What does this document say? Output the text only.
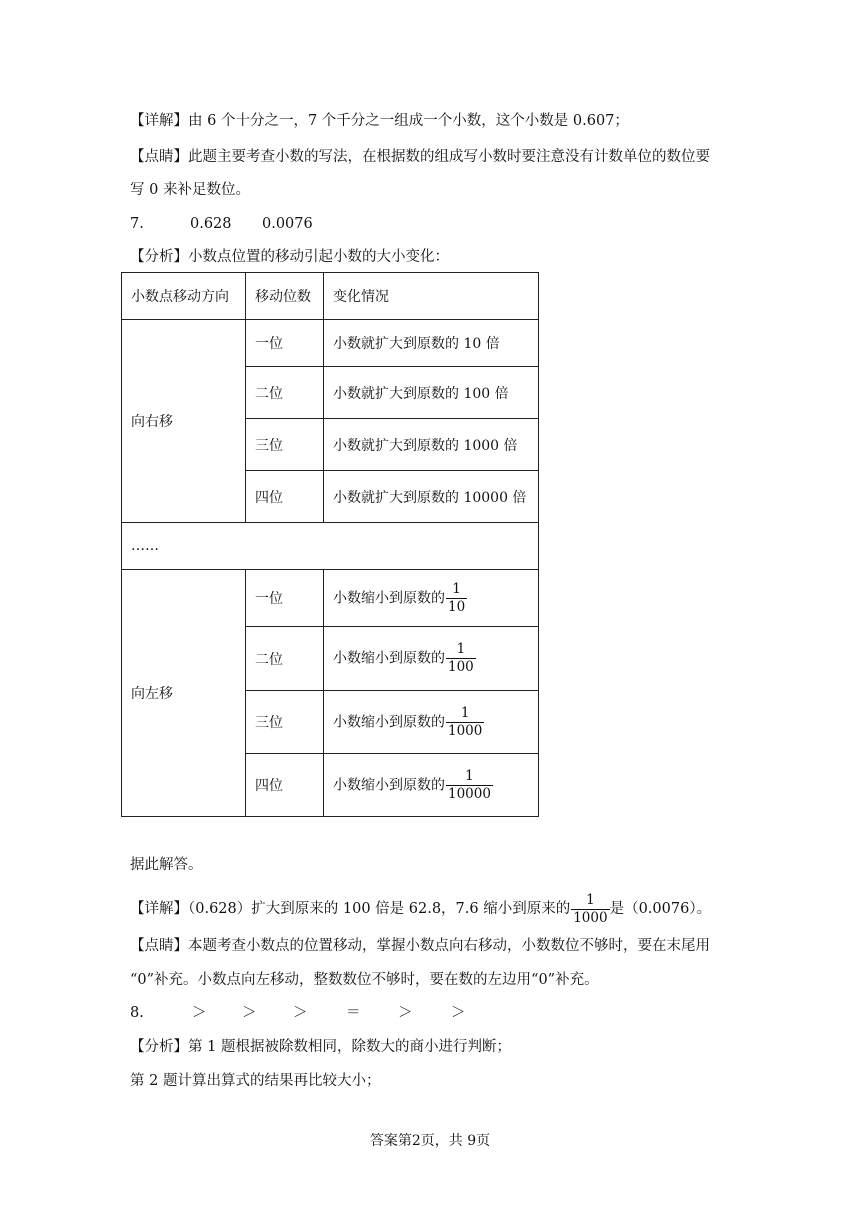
【详解】由 6 个十分之一，7 个千分之一组成一个小数，这个小数是 0.607；
【点睛】此题主要考查小数的写法，在根据数的组成写小数时要注意没有计数单位的数位要
写 0 来补足数位。
7.	0.628 0.0076
【分析】小数点位置的移动引起小数的大小变化：
小数点移动方向	移动位数	变化情况
向右移	一位	小数就扩大到原数的 10 倍
	二位	小数就扩大到原数的 100 倍
	三位	小数就扩大到原数的 1000 倍
	四位	小数就扩大到原数的 10000 倍
……		
向左移	一位	小数缩小到原数的 $\frac{1}{10}$

	二位	小数缩小到原数的 $\frac{1}{100}$

	三位	小数缩小到原数的 $\frac{1}{1000}$

	四位	小数缩小到原数的 $\frac{1}{10000}$
据此解答。
【详解】（0.628）扩大到原来的 100 倍是 62.8，7.6 缩小到原来的 $\frac{1}{1000}$ 是（0.0076）。
【点睛】本题考查小数点的位置移动，掌握小数点向右移动，小数数位不够时，要在末尾用
“0”补充。小数点向左移动，整数数位不够时，要在数的左边用“0”补充。
8.	＞ ＞	＞	＝	＞	＞
【分析】第 1 题根据被除数相同，除数大的商小进行判断；
第 2 题计算出算式的结果再比较大小；
答案第2页，共 9页
